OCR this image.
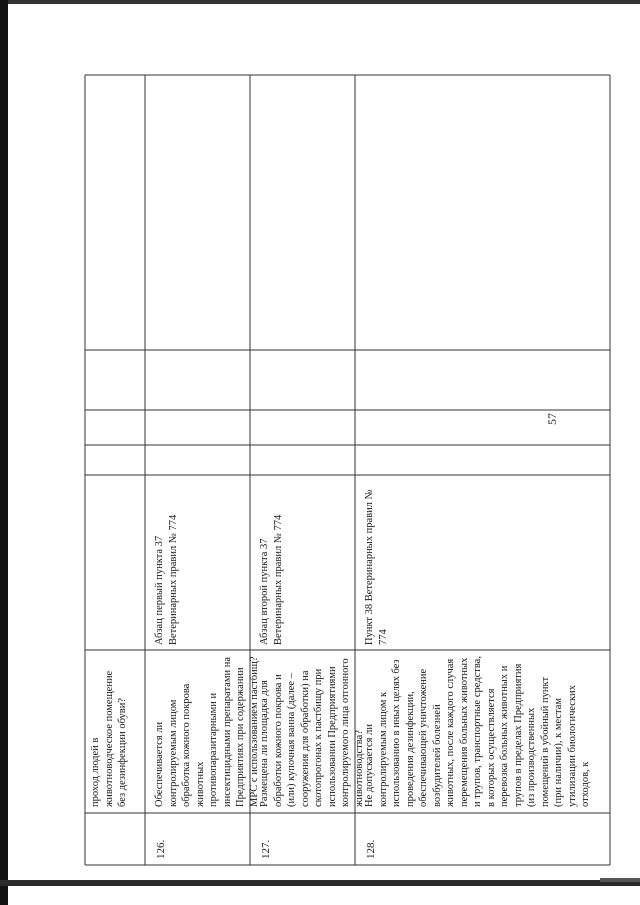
проход людей в животноводческое помещение без дезинфекции обуви?
126.
Обеспечивается ли контролируемым лицом обработка кожного покрова животных противопаразитарными и инсектицидными препаратами на Предприятиях при содержании МРС с использованием пастбищ?
Абзац первый пункта 37 Ветеринарных правил № 774
127.
Размещена ли площадка для обработки кожного покрова и (или) купочная ванна (далее – сооружения для обработки) на скотопрогонах к пастбищу при использовании Предприятиями контролируемого лица отгонного животноводства?
Абзац второй пункта 37 Ветеринарных правил № 774
128.
Не допускается ли контролируемым лицом к использованию в иных целях без проведения дезинфекции, обеспечивающей уничтожение возбудителей болезней животных, после каждого случая перемещения больных животных и трупов, транспортные средства, в которых осуществляется перевозка больных животных и трупов в пределах Предприятия (из производственных помещений в убойный пункт (при наличии), к местам утилизации биологических отходов, к
Пункт 38 Ветеринарных правил № 774
57
